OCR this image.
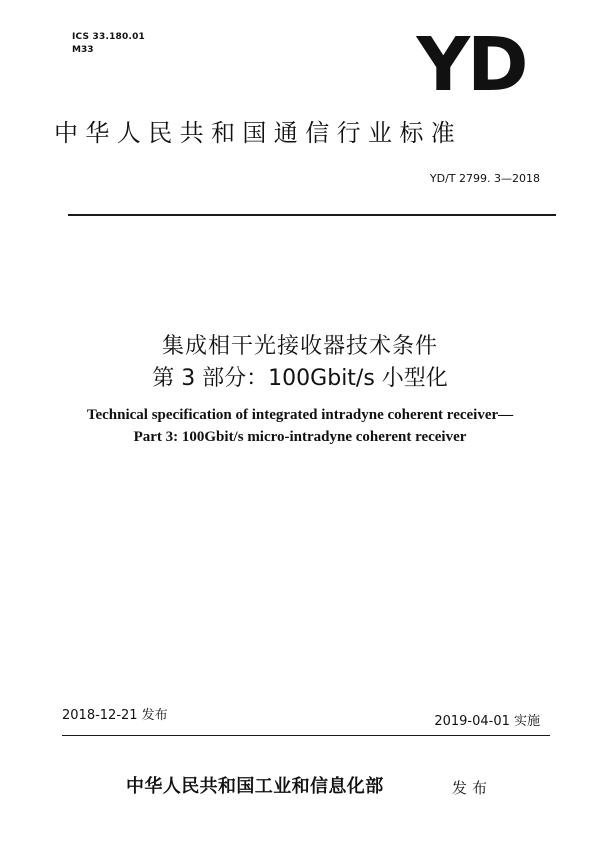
ICS 33.180.01
M33	YD
中华人民共和国通信行业标准
YD/T 2799. 3—2018
集成相干光接收器技术条件
第 3 部分：100Gbit/s 小型化
Technical specification of integrated intradyne coherent receiver—
Part 3: 100Gbit/s micro-intradyne coherent receiver
2018-12-21 发布	2019-04-01 实施
中华人民共和国工业和信息化部	发布
